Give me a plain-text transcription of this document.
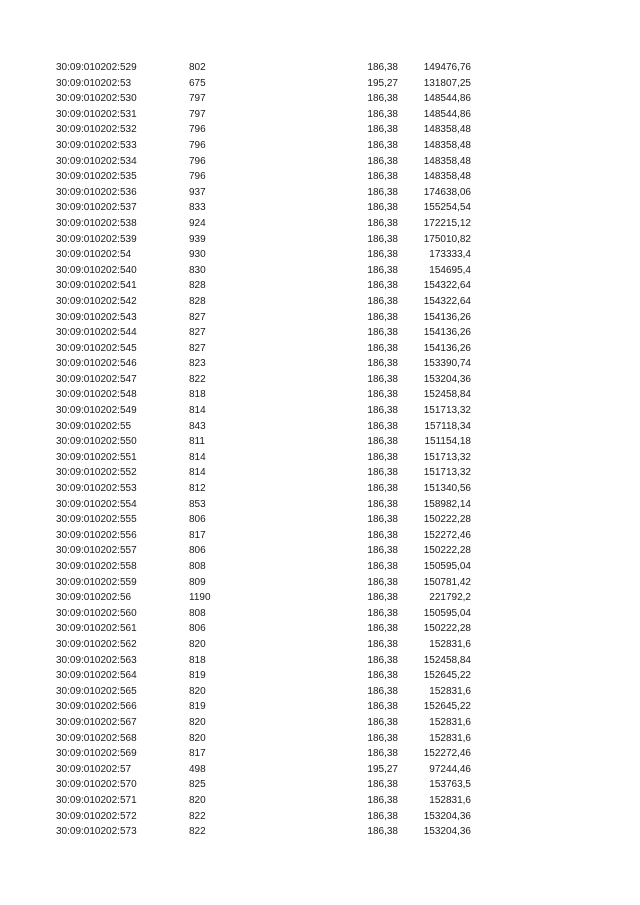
30:09:010202:529	802	186,38	149476,76
30:09:010202:53	675	195,27	131807,25
30:09:010202:530	797	186,38	148544,86
30:09:010202:531	797	186,38	148544,86
30:09:010202:532	796	186,38	148358,48
30:09:010202:533	796	186,38	148358,48
30:09:010202:534	796	186,38	148358,48
30:09:010202:535	796	186,38	148358,48
30:09:010202:536	937	186,38	174638,06
30:09:010202:537	833	186,38	155254,54
30:09:010202:538	924	186,38	172215,12
30:09:010202:539	939	186,38	175010,82
30:09:010202:54	930	186,38	173333,4
30:09:010202:540	830	186,38	154695,4
30:09:010202:541	828	186,38	154322,64
30:09:010202:542	828	186,38	154322,64
30:09:010202:543	827	186,38	154136,26
30:09:010202:544	827	186,38	154136,26
30:09:010202:545	827	186,38	154136,26
30:09:010202:546	823	186,38	153390,74
30:09:010202:547	822	186,38	153204,36
30:09:010202:548	818	186,38	152458,84
30:09:010202:549	814	186,38	151713,32
30:09:010202:55	843	186,38	157118,34
30:09:010202:550	811	186,38	151154,18
30:09:010202:551	814	186,38	151713,32
30:09:010202:552	814	186,38	151713,32
30:09:010202:553	812	186,38	151340,56
30:09:010202:554	853	186,38	158982,14
30:09:010202:555	806	186,38	150222,28
30:09:010202:556	817	186,38	152272,46
30:09:010202:557	806	186,38	150222,28
30:09:010202:558	808	186,38	150595,04
30:09:010202:559	809	186,38	150781,42
30:09:010202:56	1190	186,38	221792,2
30:09:010202:560	808	186,38	150595,04
30:09:010202:561	806	186,38	150222,28
30:09:010202:562	820	186,38	152831,6
30:09:010202:563	818	186,38	152458,84
30:09:010202:564	819	186,38	152645,22
30:09:010202:565	820	186,38	152831,6
30:09:010202:566	819	186,38	152645,22
30:09:010202:567	820	186,38	152831,6
30:09:010202:568	820	186,38	152831,6
30:09:010202:569	817	186,38	152272,46
30:09:010202:57	498	195,27	97244,46
30:09:010202:570	825	186,38	153763,5
30:09:010202:571	820	186,38	152831,6
30:09:010202:572	822	186,38	153204,36
30:09:010202:573	822	186,38	153204,36
